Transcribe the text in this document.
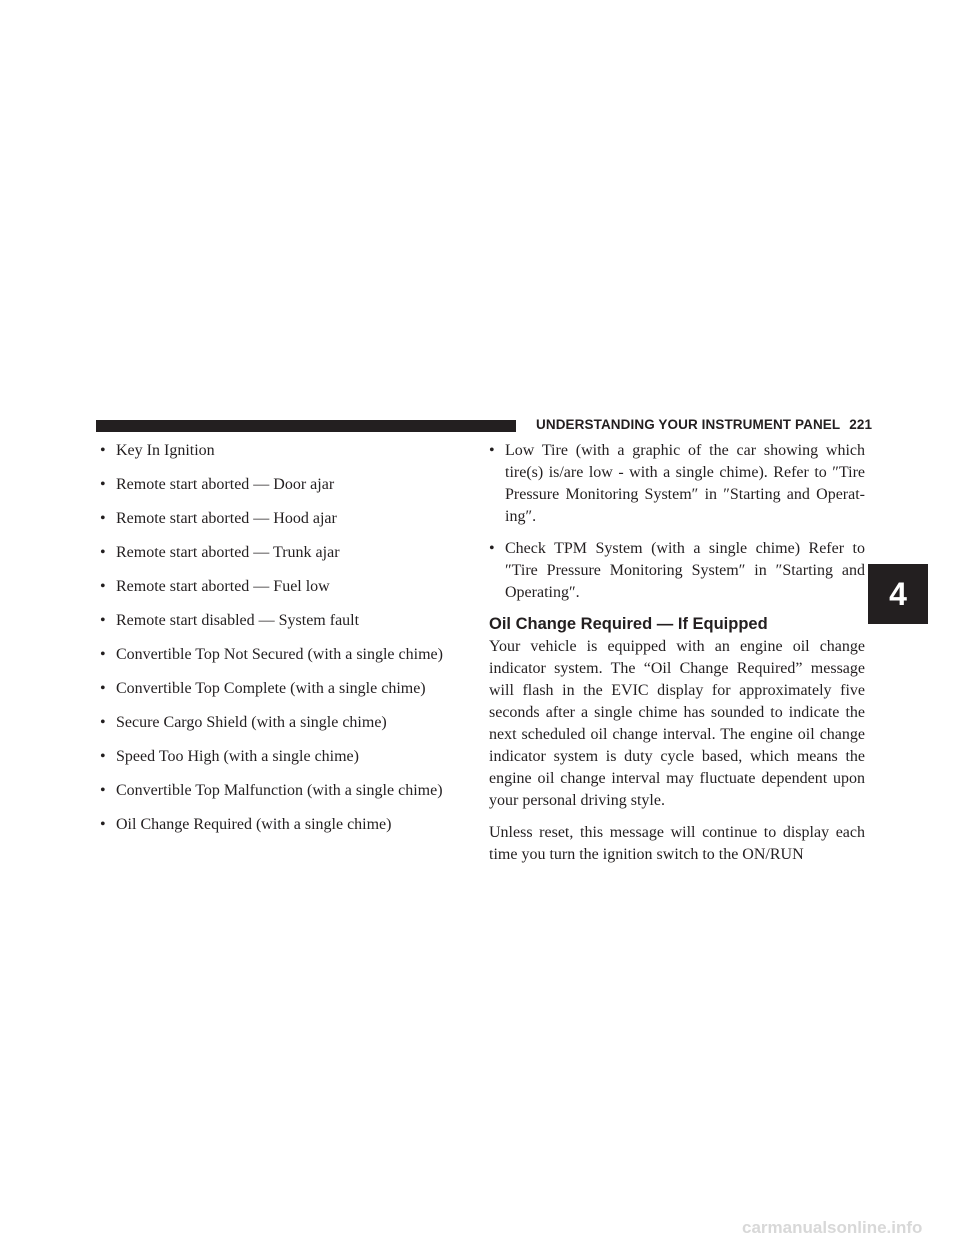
UNDERSTANDING YOUR INSTRUMENT PANEL 221
• Key In Ignition
• Remote start aborted — Door ajar
• Remote start aborted — Hood ajar
• Remote start aborted — Trunk ajar
• Remote start aborted — Fuel low
• Remote start disabled — System fault
• Convertible Top Not Secured (with a single chime)
• Convertible Top Complete (with a single chime)
• Secure Cargo Shield (with a single chime)
• Speed Too High (with a single chime)
• Convertible Top Malfunction (with a single chime)
• Oil Change Required (with a single chime)
• Low Tire (with a graphic of the car showing which tire(s) is/are low - with a single chime). Refer to ″Tire Pressure Monitoring System″ in ″Starting and Operat-ing″.
• Check TPM System (with a single chime) Refer to ″Tire Pressure Monitoring System″ in ″Starting and Operating″.
Oil Change Required — If Equipped

Your vehicle is equipped with an engine oil change indicator system. The “Oil Change Required” message will flash in the EVIC display for approximately five seconds after a single chime has sounded to indicate the next scheduled oil change interval. The engine oil change indicator system is duty cycle based, which means the engine oil change interval may fluctuate dependent upon your personal driving style.

Unless reset, this message will continue to display each time you turn the ignition switch to the ON/RUN

4
carmanualsonline.info
